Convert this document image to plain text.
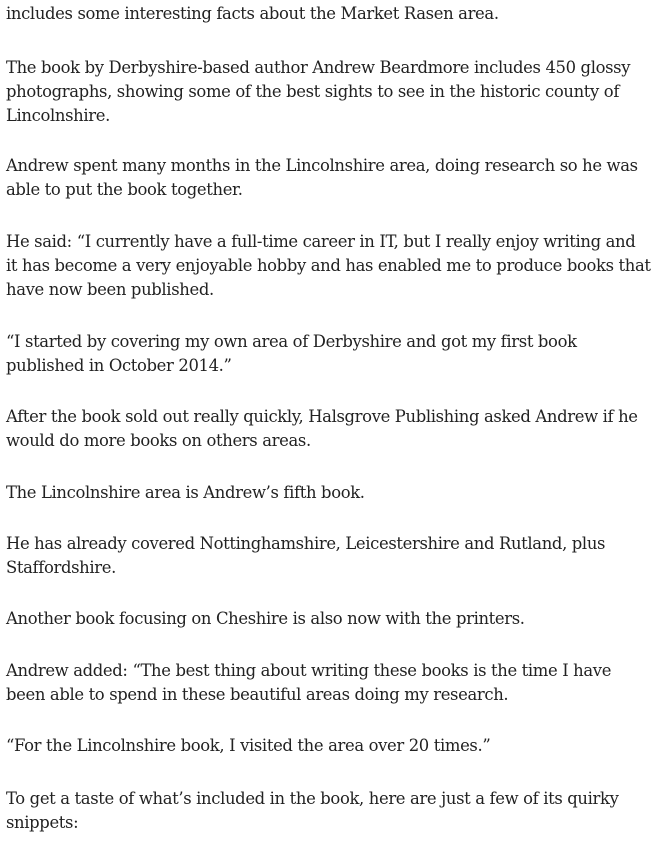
includes some interesting facts about the Market Rasen area.

The book by Derbyshire-based author Andrew Beardmore includes 450 glossy photographs, showing some of the best sights to see in the historic county of Lincolnshire.

Andrew spent many months in the Lincolnshire area, doing research so he was able to put the book together.

He said: “I currently have a full-time career in IT, but I really enjoy writing and it has become a very enjoyable hobby and has enabled me to produce books that have now been published.

“I started by covering my own area of Derbyshire and got my first book published in October 2014.”

After the book sold out really quickly, Halsgrove Publishing asked Andrew if he would do more books on others areas.

The Lincolnshire area is Andrew’s fifth book.

He has already covered Nottinghamshire, Leicestershire and Rutland, plus Staffordshire.

Another book focusing on Cheshire is also now with the printers.

Andrew added: “The best thing about writing these books is the time I have been able to spend in these beautiful areas doing my research.

“For the Lincolnshire book, I visited the area over 20 times.”

To get a taste of what’s included in the book, here are just a few of its quirky snippets:
